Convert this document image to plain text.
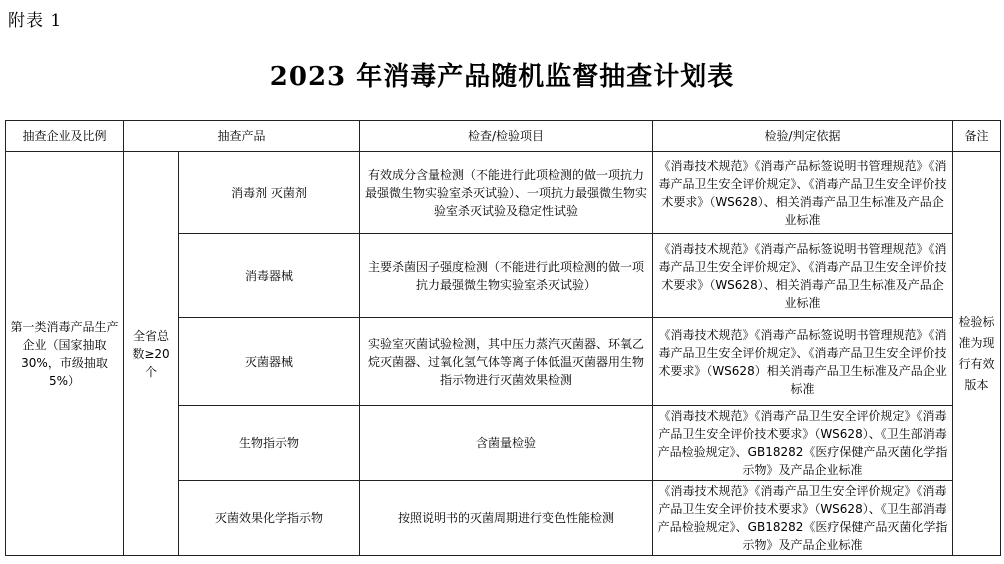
附表 1
2023 年消毒产品随机监督抽查计划表
抽查企业及比例	抽查产品		检查/检验项目	检验/判定依据	备注
第一类消毒产品生产企业（国家抽取 30%，市级抽取 5%）	全省总数≥20 个	消毒剂 灭菌剂	有效成分含量检测（不能进行此项检测的做一项抗力最强微生物实验室杀灭试验）、一项抗力最强微生物实验室杀灭试验及稳定性试验	《消毒技术规范》《消毒产品标签说明书管理规范》《消毒产品卫生安全评价规定》、《消毒产品卫生安全评价技术要求》（WS628）、相关消毒产品卫生标准及产品企业标准	检验标准为现行有效版本
		消毒器械	主要杀菌因子强度检测（不能进行此项检测的做一项抗力最强微生物实验室杀灭试验）	《消毒技术规范》《消毒产品标签说明书管理规范》《消毒产品卫生安全评价规定》、《消毒产品卫生安全评价技术要求》（WS628）、相关消毒产品卫生标准及产品企业标准	
		灭菌器械	实验室灭菌试验检测，其中压力蒸汽灭菌器、环氧乙烷灭菌器、过氧化氢气体等离子体低温灭菌器用生物指示物进行灭菌效果检测	《消毒技术规范》《消毒产品标签说明书管理规范》《消毒产品卫生安全评价规定》、《消毒产品卫生安全评价技术要求》（WS628）相关消毒产品卫生标准及产品企业标准	
		生物指示物	含菌量检验	《消毒技术规范》《消毒产品卫生安全评价规定》《消毒产品卫生安全评价技术要求》（WS628）、《卫生部消毒产品检验规定》、GB18282《医疗保健产品灭菌化学指示物》及产品企业标准	
		灭菌效果化学指示物	按照说明书的灭菌周期进行变色性能检测	《消毒技术规范》《消毒产品卫生安全评价规定》《消毒产品卫生安全评价技术要求》（WS628）、《卫生部消毒产品检验规定》、GB18282《医疗保健产品灭菌化学指示物》及产品企业标准	
